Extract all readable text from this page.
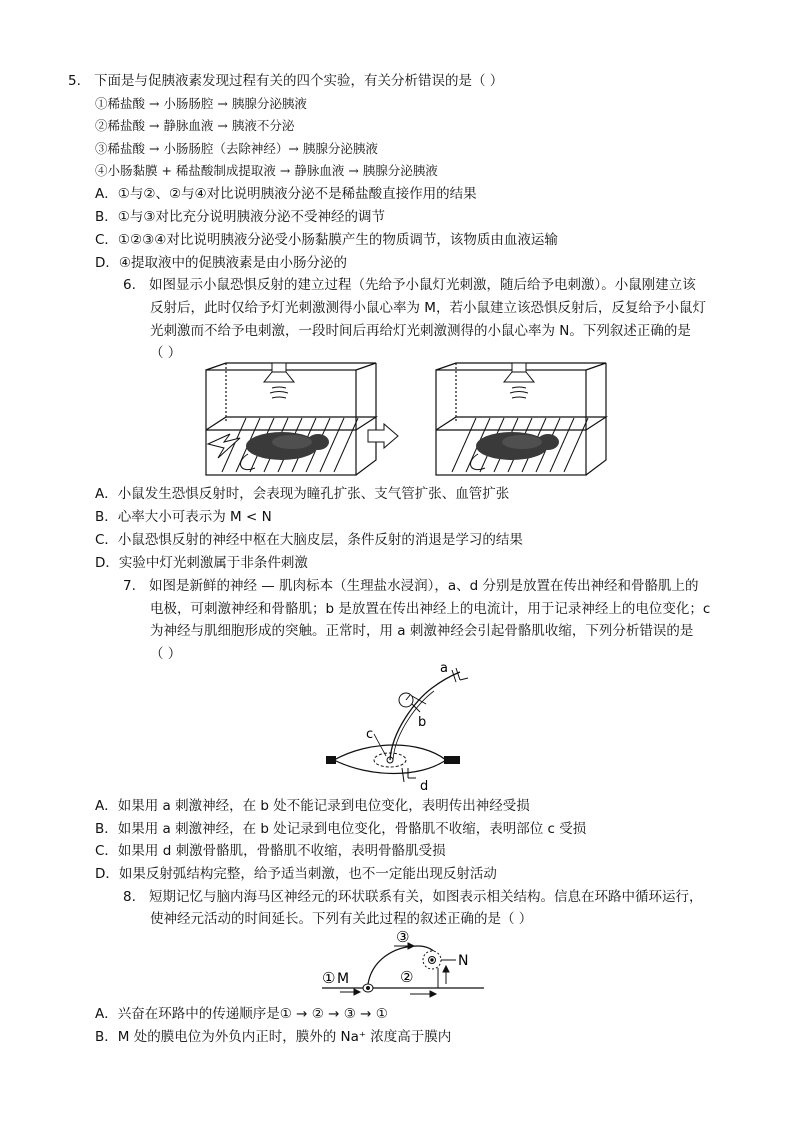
5. 下面是与促胰液素发现过程有关的四个实验，有关分析错误的是（ ）
①稀盐酸 → 小肠肠腔 → 胰腺分泌胰液
②稀盐酸 → 静脉血液 → 胰液不分泌
③稀盐酸 → 小肠肠腔（去除神经）→ 胰腺分泌胰液
④小肠黏膜 + 稀盐酸制成提取液 → 静脉血液 → 胰腺分泌胰液
A．①与②、②与④对比说明胰液分泌不是稀盐酸直接作用的结果
B．①与③对比充分说明胰液分泌不受神经的调节
C．①②③④对比说明胰液分泌受小肠黏膜产生的物质调节，该物质由血液运输
D．④提取液中的促胰液素是由小肠分泌的
6. 如图显示小鼠恐惧反射的建立过程（先给予小鼠灯光刺激，随后给予电刺激）。小鼠刚建立该
反射后，此时仅给予灯光刺激测得小鼠心率为 M，若小鼠建立该恐惧反射后，反复给予小鼠灯
光刺激而不给予电刺激，一段时间后再给灯光刺激测得的小鼠心率为 N。下列叙述正确的是
（ ）
A．小鼠发生恐惧反射时，会表现为瞳孔扩张、支气管扩张、血管扩张
B．心率大小可表示为 M < N
C．小鼠恐惧反射的神经中枢在大脑皮层，条件反射的消退是学习的结果
D．实验中灯光刺激属于非条件刺激
7. 如图是新鲜的神经 — 肌肉标本（生理盐水浸润），a、d 分别是放置在传出神经和骨骼肌上的
电极，可刺激神经和骨骼肌；b 是放置在传出神经上的电流计，用于记录神经上的电位变化；c
为神经与肌细胞形成的突触。正常时，用 a 刺激神经会引起骨骼肌收缩，下列分析错误的是
（ ）
a
b
c
d
A．如果用 a 刺激神经，在 b 处不能记录到电位变化，表明传出神经受损
B．如果用 a 刺激神经，在 b 处记录到电位变化，骨骼肌不收缩，表明部位 c 受损
C．如果用 d 刺激骨骼肌，骨骼肌不收缩，表明骨骼肌受损
D．如果反射弧结构完整，给予适当刺激，也不一定能出现反射活动
8. 短期记忆与脑内海马区神经元的环状联系有关，如图表示相关结构。信息在环路中循环运行，
使神经元活动的时间延长。下列有关此过程的叙述正确的是（ ）
① M	②
③
N
A．兴奋在环路中的传递顺序是① → ② → ③ → ①
B．M 处的膜电位为外负内正时，膜外的 Na⁺ 浓度高于膜内
